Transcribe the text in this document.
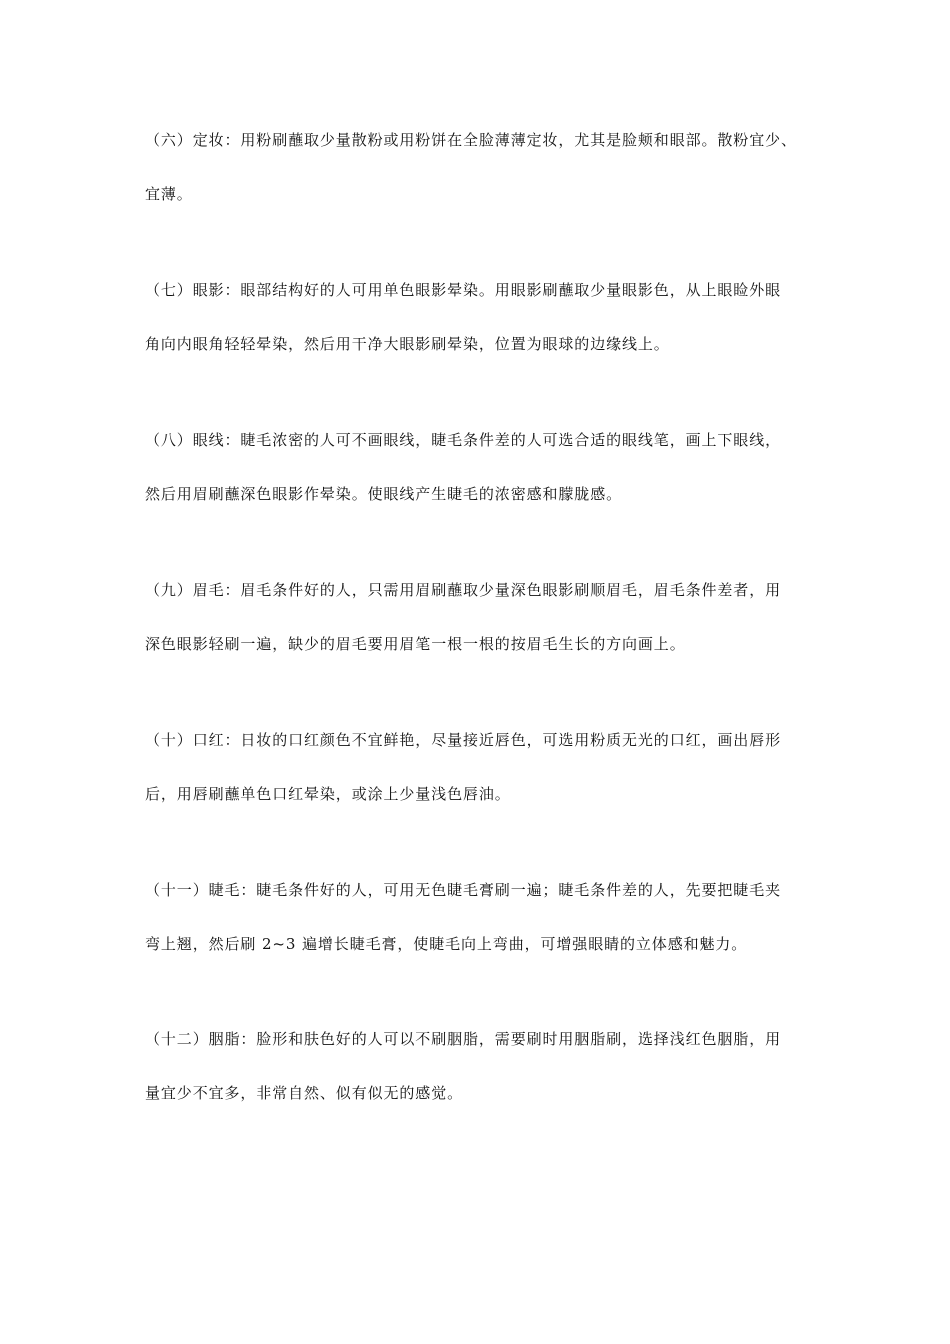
（六）定妆：用粉刷蘸取少量散粉或用粉饼在全脸薄薄定妆，尤其是脸颊和眼部。散粉宜少、
宜薄。
（七）眼影：眼部结构好的人可用单色眼影晕染。用眼影刷蘸取少量眼影色，从上眼睑外眼
角向内眼角轻轻晕染，然后用干净大眼影刷晕染，位置为眼球的边缘线上。
（八）眼线：睫毛浓密的人可不画眼线，睫毛条件差的人可选合适的眼线笔，画上下眼线，
然后用眉刷蘸深色眼影作晕染。使眼线产生睫毛的浓密感和朦胧感。
（九）眉毛：眉毛条件好的人，只需用眉刷蘸取少量深色眼影刷顺眉毛，眉毛条件差者，用
深色眼影轻刷一遍，缺少的眉毛要用眉笔一根一根的按眉毛生长的方向画上。
（十）口红：日妆的口红颜色不宜鲜艳，尽量接近唇色，可选用粉质无光的口红，画出唇形
后，用唇刷蘸单色口红晕染，或涂上少量浅色唇油。
（十一）睫毛：睫毛条件好的人，可用无色睫毛膏刷一遍；睫毛条件差的人，先要把睫毛夹
弯上翘，然后刷 2~3 遍增长睫毛膏，使睫毛向上弯曲，可增强眼睛的立体感和魅力。
（十二）胭脂：脸形和肤色好的人可以不刷胭脂，需要刷时用胭脂刷，选择浅红色胭脂，用
量宜少不宜多，非常自然、似有似无的感觉。
